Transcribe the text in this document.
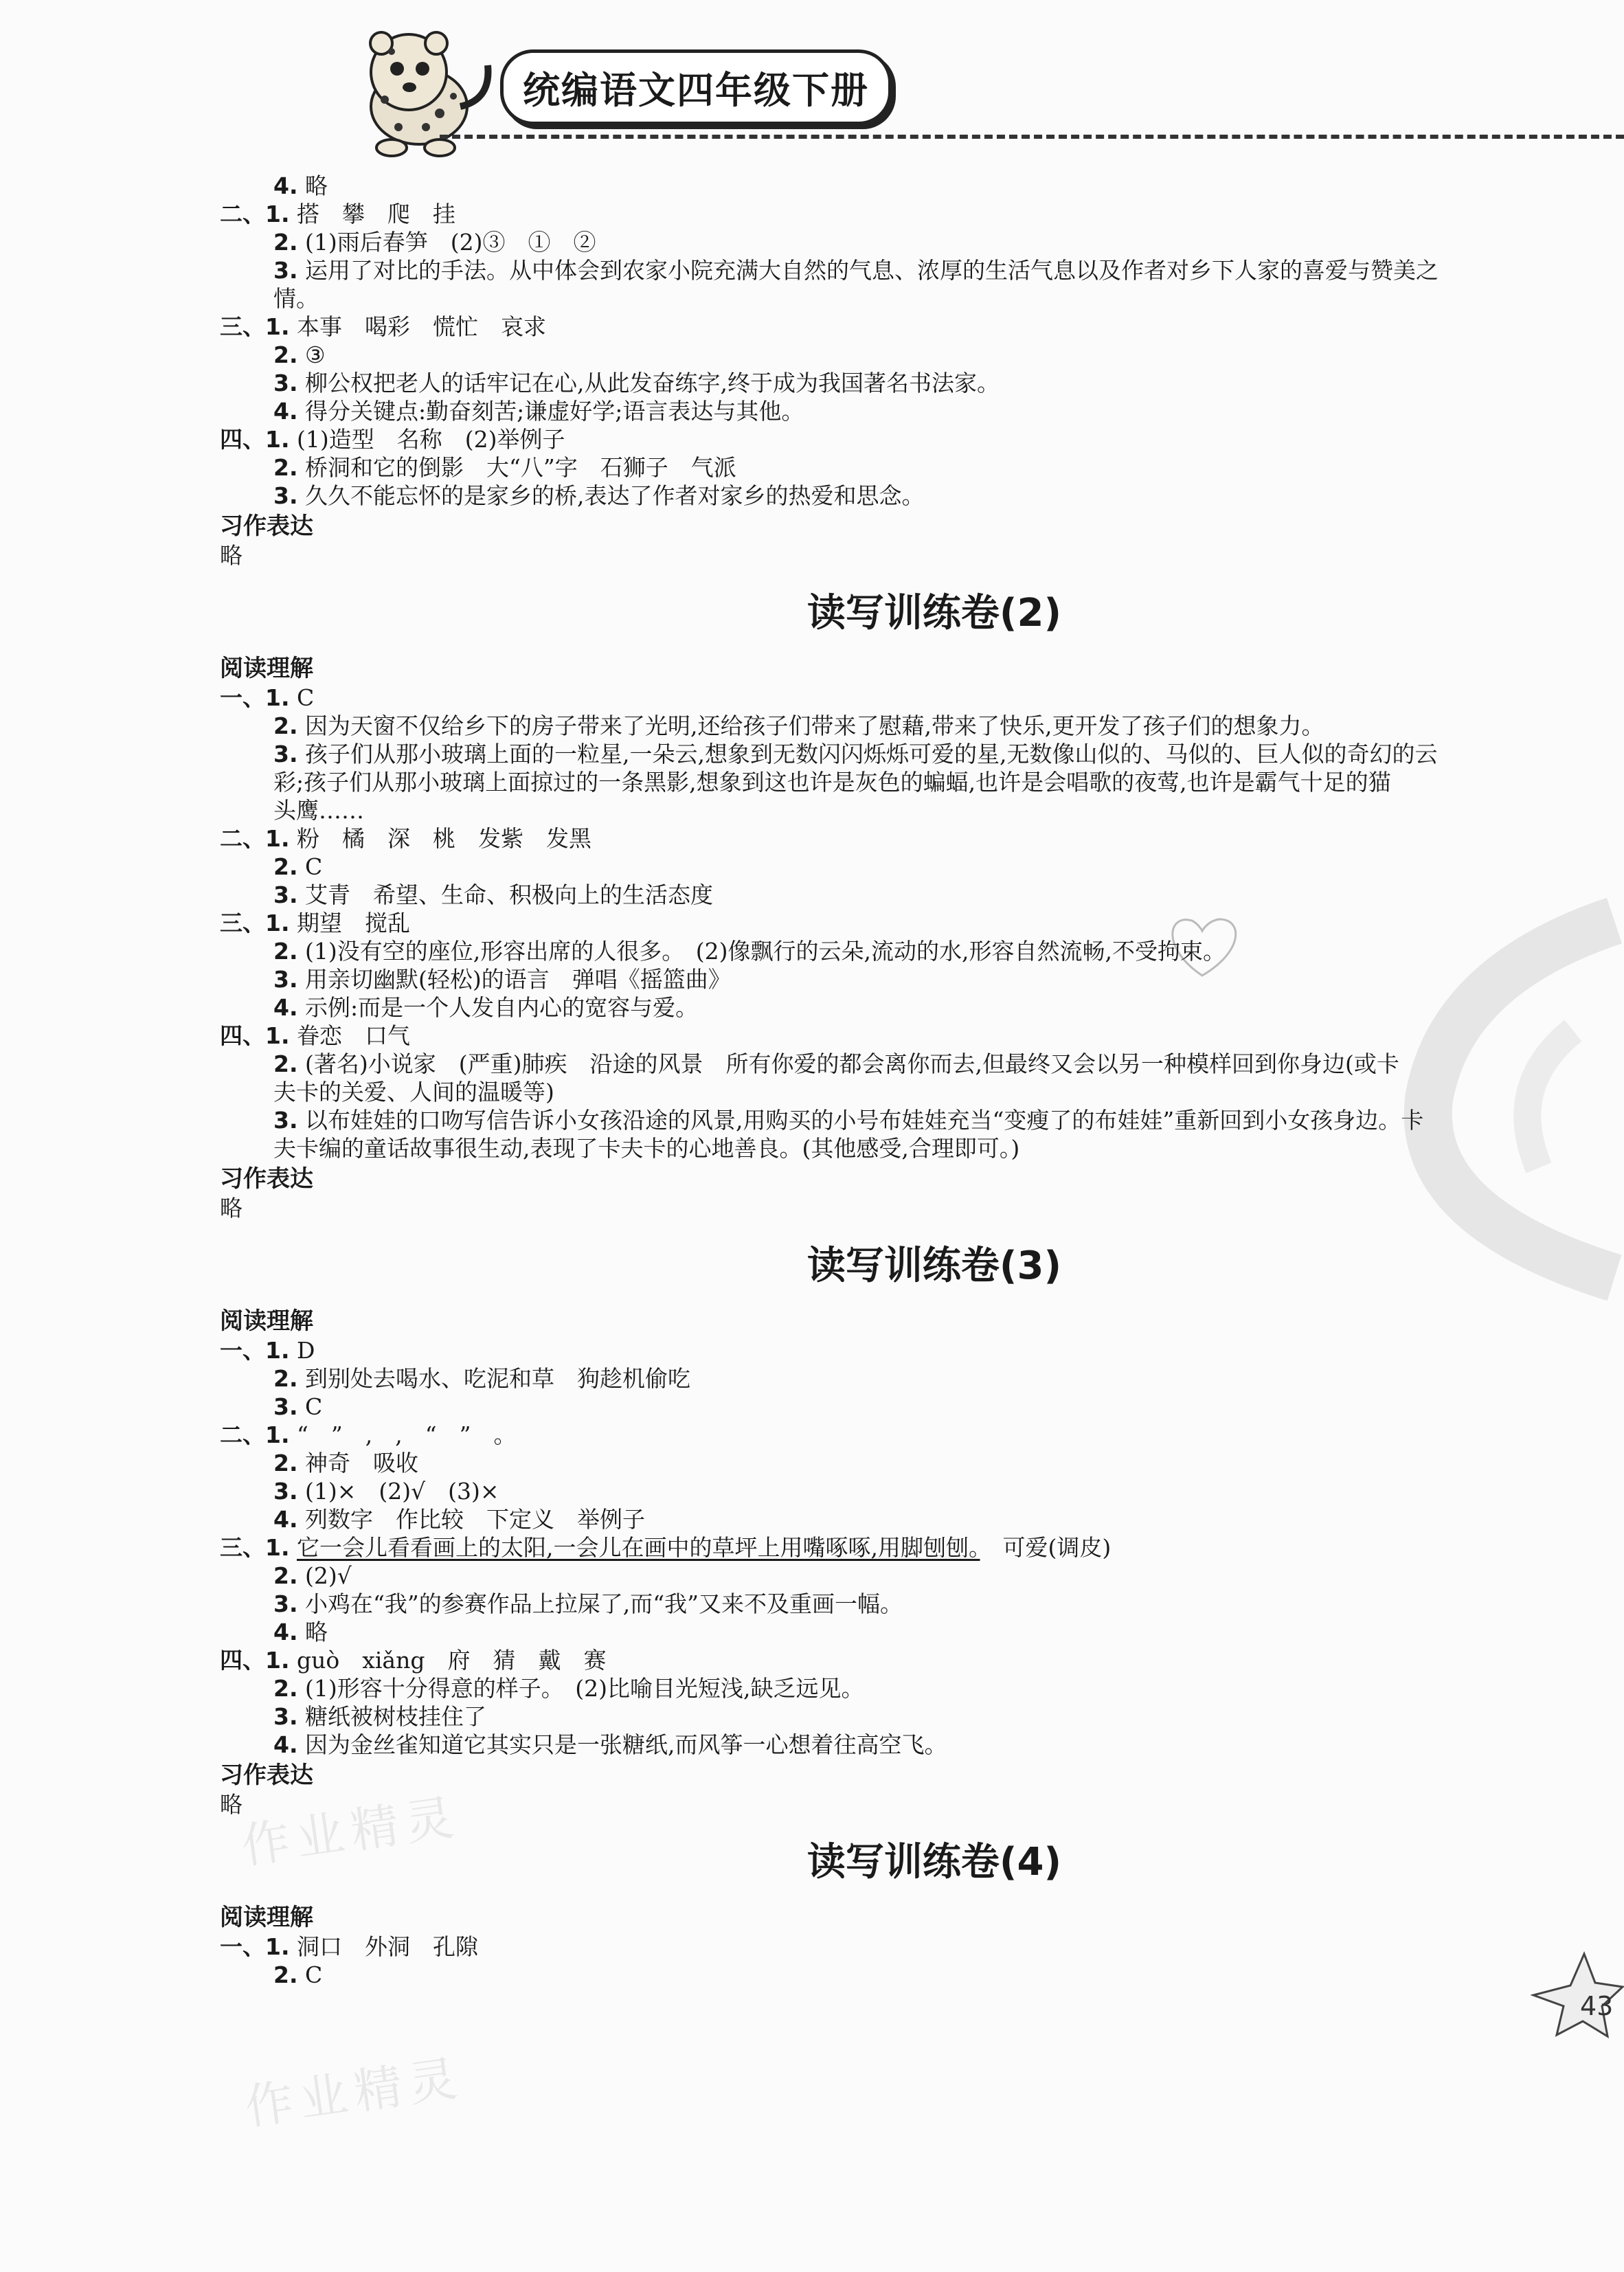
统编语文四年级下册
作业精灵
作业精灵
4. 略
二、1. 搭　攀　爬　挂
2. (1)雨后春笋　(2)③　①　②
3. 运用了对比的手法。从中体会到农家小院充满大自然的气息、浓厚的生活气息以及作者对乡下人家的喜爱与赞美之
情。
三、1. 本事　喝彩　慌忙　哀求
2. ③
3. 柳公权把老人的话牢记在心,从此发奋练字,终于成为我国著名书法家。
4. 得分关键点:勤奋刻苦;谦虚好学;语言表达与其他。
四、1. (1)造型　名称　(2)举例子
2. 桥洞和它的倒影　大“八”字　石狮子　气派
3. 久久不能忘怀的是家乡的桥,表达了作者对家乡的热爱和思念。
习作表达
略
读写训练卷(2)
阅读理解
一、1. C
2. 因为天窗不仅给乡下的房子带来了光明,还给孩子们带来了慰藉,带来了快乐,更开发了孩子们的想象力。
3. 孩子们从那小玻璃上面的一粒星,一朵云,想象到无数闪闪烁烁可爱的星,无数像山似的、马似的、巨人似的奇幻的云
彩;孩子们从那小玻璃上面掠过的一条黑影,想象到这也许是灰色的蝙蝠,也许是会唱歌的夜莺,也许是霸气十足的猫
头鹰……
二、1. 粉　橘　深　桃　发紫　发黑
2. C
3. 艾青　希望、生命、积极向上的生活态度
三、1. 期望　搅乱
2. (1)没有空的座位,形容出席的人很多。　(2)像飘行的云朵,流动的水,形容自然流畅,不受拘束。
3. 用亲切幽默(轻松)的语言　弹唱《摇篮曲》
4. 示例:而是一个人发自内心的宽容与爱。
四、1. 眷恋　口气
2. (著名)小说家　(严重)肺疾　沿途的风景　所有你爱的都会离你而去,但最终又会以另一种模样回到你身边(或卡
夫卡的关爱、人间的温暖等)
3. 以布娃娃的口吻写信告诉小女孩沿途的风景,用购买的小号布娃娃充当“变瘦了的布娃娃”重新回到小女孩身边。卡
夫卡编的童话故事很生动,表现了卡夫卡的心地善良。(其他感受,合理即可。)
习作表达
略
读写训练卷(3)
阅读理解
一、1. D
2. 到别处去喝水、吃泥和草　狗趁机偷吃
3. C
二、1. “　”　,　,　“　”　。
2. 神奇　吸收
3. (1)×　(2)√　(3)×
4. 列数字　作比较　下定义　举例子
三、1. 它一会儿看看画上的太阳,一会儿在画中的草坪上用嘴啄啄,用脚刨刨。　可爱(调皮)
2. (2)√
3. 小鸡在“我”的参赛作品上拉屎了,而“我”又来不及重画一幅。
4. 略
四、1. guò　xiǎng　府　猜　戴　赛
2. (1)形容十分得意的样子。　(2)比喻目光短浅,缺乏远见。
3. 糖纸被树枝挂住了
4. 因为金丝雀知道它其实只是一张糖纸,而风筝一心想着往高空飞。
习作表达
略
读写训练卷(4)
阅读理解
一、1. 洞口　外洞　孔隙
2. C
43
